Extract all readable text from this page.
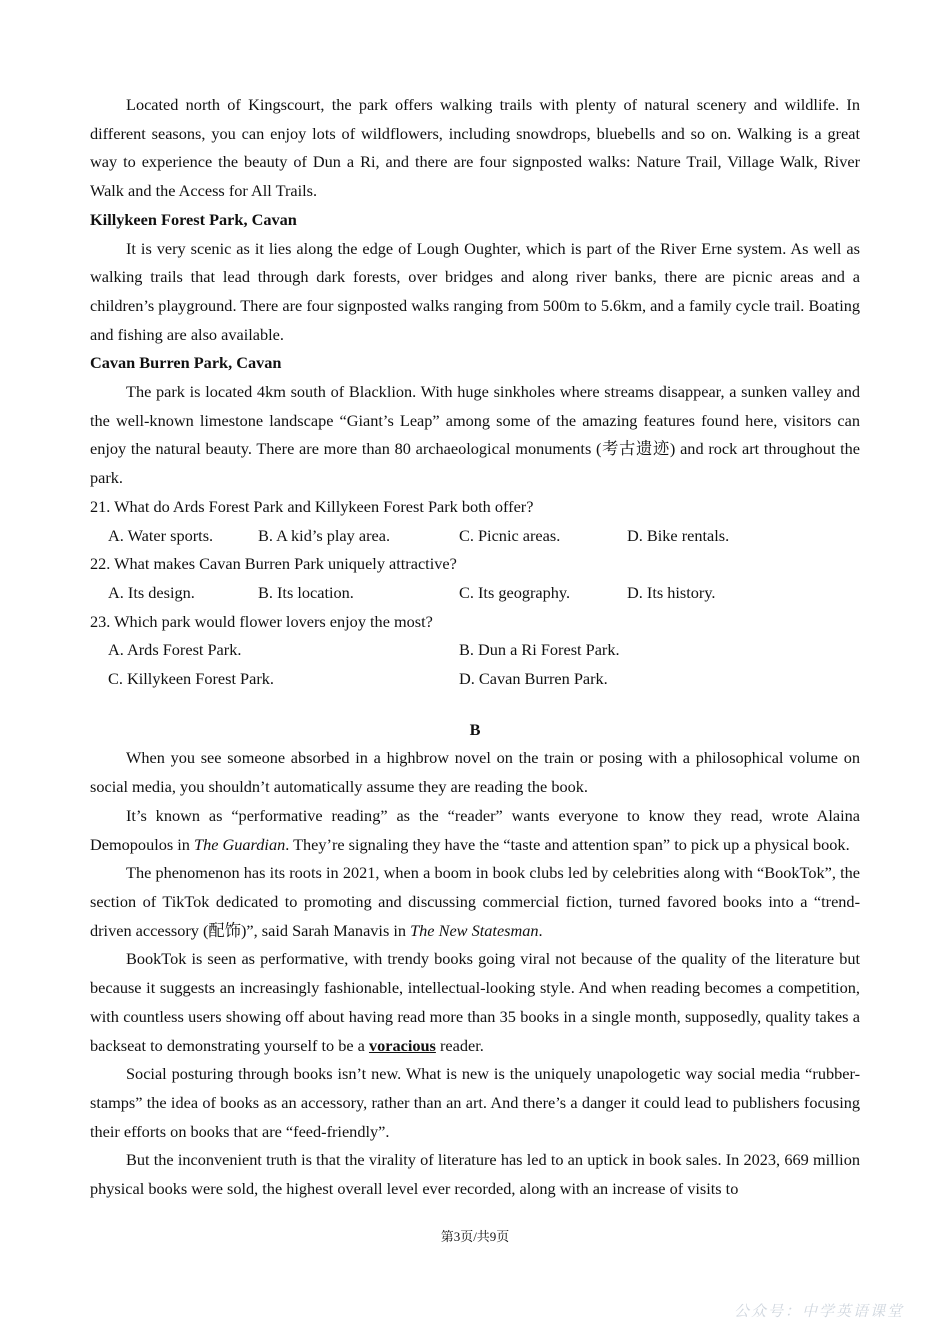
Located north of Kingscourt, the park offers walking trails with plenty of natural scenery and wildlife. In different seasons, you can enjoy lots of wildflowers, including snowdrops, bluebells and so on. Walking is a great way to experience the beauty of Dun a Ri, and there are four signposted walks: Nature Trail, Village Walk, River Walk and the Access for All Trails.

Killykeen Forest Park, Cavan

It is very scenic as it lies along the edge of Lough Oughter, which is part of the River Erne system. As well as walking trails that lead through dark forests, over bridges and along river banks, there are picnic areas and a children’s playground. There are four signposted walks ranging from 500m to 5.6km, and a family cycle trail. Boating and fishing are also available.

Cavan Burren Park, Cavan

The park is located 4km south of Blacklion. With huge sinkholes where streams disappear, a sunken valley and the well-known limestone landscape “Giant’s Leap” among some of the amazing features found here, visitors can enjoy the natural beauty. There are more than 80 archaeological monuments (考古遗迹) and rock art throughout the park.

21. What do Ards Forest Park and Killykeen Forest Park both offer?

A. Water sports.	B. A kid’s play area.	C. Picnic areas.	D. Bike rentals.

22. What makes Cavan Burren Park uniquely attractive?

A. Its design.	B. Its location.	C. Its geography.	D. Its history.

23. Which park would flower lovers enjoy the most?

A. Ards Forest Park.	B. Dun a Ri Forest Park.
C. Killykeen Forest Park.	D. Cavan Burren Park.
B

When you see someone absorbed in a highbrow novel on the train or posing with a philosophical volume on social media, you shouldn’t automatically assume they are reading the book.

It’s known as “performative reading” as the “reader” wants everyone to know they read, wrote Alaina Demopoulos in The Guardian. They’re signaling they have the “taste and attention span” to pick up a physical book.

The phenomenon has its roots in 2021, when a boom in book clubs led by celebrities along with “BookTok”, the section of TikTok dedicated to promoting and discussing commercial fiction, turned favored books into a “trend-driven accessory (配饰)”, said Sarah Manavis in The New Statesman.

BookTok is seen as performative, with trendy books going viral not because of the quality of the literature but because it suggests an increasingly fashionable, intellectual-looking style. And when reading becomes a competition, with countless users showing off about having read more than 35 books in a single month, supposedly, quality takes a backseat to demonstrating yourself to be a voracious reader.

Social posturing through books isn’t new. What is new is the uniquely unapologetic way social media “rubber-stamps” the idea of books as an accessory, rather than an art. And there’s a danger it could lead to publishers focusing their efforts on books that are “feed-friendly”.

But the inconvenient truth is that the virality of literature has led to an uptick in book sales. In 2023, 669 million physical books were sold, the highest overall level ever recorded, along with an increase of visits to

第3页/共9页
公众号：中学英语课堂
